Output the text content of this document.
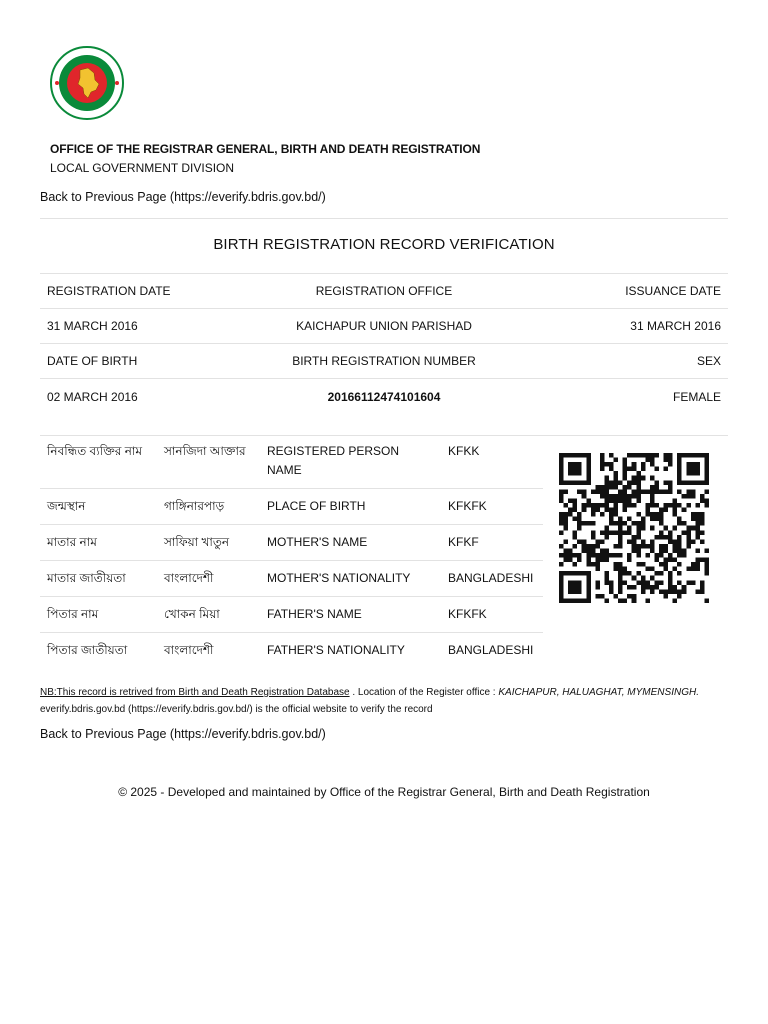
OFFICE OF THE REGISTRAR GENERAL, BIRTH AND DEATH REGISTRATION
LOCAL GOVERNMENT DIVISION
Back to Previous Page (https://everify.bdris.gov.bd/)
BIRTH REGISTRATION RECORD VERIFICATION
REGISTRATION DATE	REGISTRATION OFFICE	ISSUANCE DATE
31 MARCH 2016	KAICHAPUR UNION PARISHAD	31 MARCH 2016
DATE OF BIRTH	BIRTH REGISTRATION NUMBER	SEX
02 MARCH 2016	20166112474101604	FEMALE
নিবন্ধিত ব্যক্তির নাম	সানজিদা আক্তার	REGISTERED PERSON NAME	KFKK
জন্মস্থান	গাঙ্গিনারপাড়	PLACE OF BIRTH	KFKFK
মাতার নাম	সাফিয়া খাতুন	MOTHER'S NAME	KFKF
মাতার জাতীয়তা	বাংলাদেশী	MOTHER'S NATIONALITY	BANGLADESHI
পিতার নাম	খোকন মিয়া	FATHER'S NAME	KFKFK
পিতার জাতীয়তা	বাংলাদেশী	FATHER'S NATIONALITY	BANGLADESHI
NB:This record is retrived from Birth and Death Registration Database . Location of the Register office : KAICHAPUR, HALUAGHAT, MYMENSINGH. everify.bdris.gov.bd (https://everify.bdris.gov.bd/) is the official website to verify the record
Back to Previous Page (https://everify.bdris.gov.bd/)
© 2025 - Developed and maintained by Office of the Registrar General, Birth and Death Registration
